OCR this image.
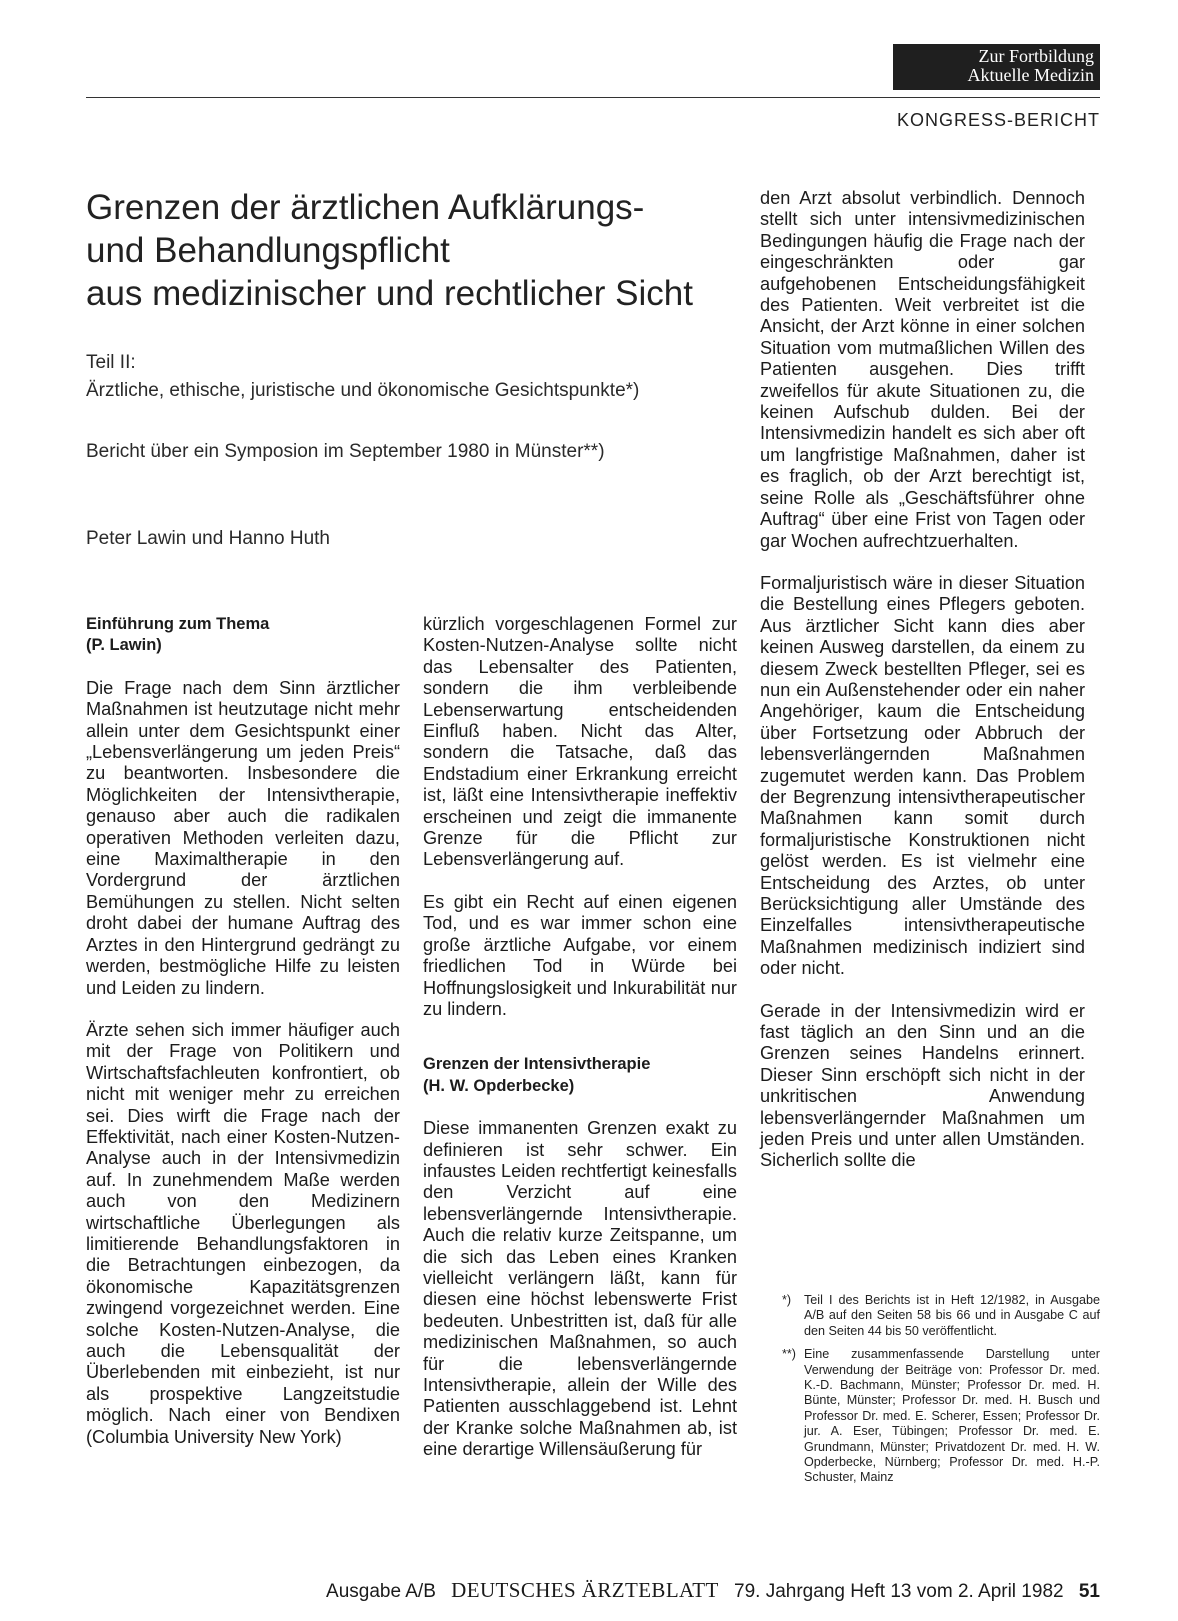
Zur Fortbildung
Aktuelle Medizin
KONGRESS-BERICHT
Grenzen der ärztlichen Aufklärungs-
und Behandlungspflicht
aus medizinischer und rechtlicher Sicht
Teil II:
Ärztliche, ethische, juristische und ökonomische Gesichtspunkte*)
Bericht über ein Symposion im September 1980 in Münster**)
Peter Lawin und Hanno Huth
Einführung zum Thema
(P. Lawin)

Die Frage nach dem Sinn ärztlicher Maßnahmen ist heutzutage nicht mehr allein unter dem Gesichtspunkt einer „Lebensverlängerung um jeden Preis“ zu beantworten. Insbesondere die Möglichkeiten der Intensivtherapie, genauso aber auch die radikalen operativen Methoden verleiten dazu, eine Maximaltherapie in den Vordergrund der ärztlichen Bemühungen zu stellen. Nicht selten droht dabei der humane Auftrag des Arztes in den Hintergrund gedrängt zu werden, bestmögliche Hilfe zu leisten und Leiden zu lindern.

Ärzte sehen sich immer häufiger auch mit der Frage von Politikern und Wirtschaftsfachleuten konfrontiert, ob nicht mit weniger mehr zu erreichen sei. Dies wirft die Frage nach der Effektivität, nach einer Kosten-Nutzen-Analyse auch in der Intensivmedizin auf. In zunehmendem Maße werden auch von den Medizinern wirtschaftliche Überlegungen als limitierende Behandlungsfaktoren in die Betrachtungen einbezogen, da ökonomische Kapazitätsgrenzen zwingend vorgezeichnet werden. Eine solche Kosten-Nutzen-Analyse, die auch die Lebensqualität der Überlebenden mit einbezieht, ist nur als prospektive Langzeitstudie möglich. Nach einer von Bendixen (Columbia University New York)

kürzlich vorgeschlagenen Formel zur Kosten-Nutzen-Analyse sollte nicht das Lebensalter des Patienten, sondern die ihm verbleibende Lebenserwartung entscheidenden Einfluß haben. Nicht das Alter, sondern die Tatsache, daß das Endstadium einer Erkrankung erreicht ist, läßt eine Intensivtherapie ineffektiv erscheinen und zeigt die immanente Grenze für die Pflicht zur Lebensverlängerung auf.

Es gibt ein Recht auf einen eigenen Tod, und es war immer schon eine große ärztliche Aufgabe, vor einem friedlichen Tod in Würde bei Hoffnungslosigkeit und Inkurabilität nur zu lindern.

Grenzen der Intensivtherapie
(H. W. Opderbecke)

Diese immanenten Grenzen exakt zu definieren ist sehr schwer. Ein infaustes Leiden rechtfertigt keinesfalls den Verzicht auf eine lebensverlängernde Intensivtherapie. Auch die relativ kurze Zeitspanne, um die sich das Leben eines Kranken vielleicht verlängern läßt, kann für diesen eine höchst lebenswerte Frist bedeuten. Unbestritten ist, daß für alle medizinischen Maßnahmen, so auch für die lebensverlängernde Intensivtherapie, allein der Wille des Patienten ausschlaggebend ist. Lehnt der Kranke solche Maßnahmen ab, ist eine derartige Willensäußerung für

den Arzt absolut verbindlich. Dennoch stellt sich unter intensivmedizinischen Bedingungen häufig die Frage nach der eingeschränkten oder gar aufgehobenen Entscheidungsfähigkeit des Patienten. Weit verbreitet ist die Ansicht, der Arzt könne in einer solchen Situation vom mutmaßlichen Willen des Patienten ausgehen. Dies trifft zweifellos für akute Situationen zu, die keinen Aufschub dulden. Bei der Intensivmedizin handelt es sich aber oft um langfristige Maßnahmen, daher ist es fraglich, ob der Arzt berechtigt ist, seine Rolle als „Geschäftsführer ohne Auftrag“ über eine Frist von Tagen oder gar Wochen aufrechtzuerhalten.

Formaljuristisch wäre in dieser Situation die Bestellung eines Pflegers geboten. Aus ärztlicher Sicht kann dies aber keinen Ausweg darstellen, da einem zu diesem Zweck bestellten Pfleger, sei es nun ein Außenstehender oder ein naher Angehöriger, kaum die Entscheidung über Fortsetzung oder Abbruch der lebensverlängernden Maßnahmen zugemutet werden kann. Das Problem der Begrenzung intensivtherapeutischer Maßnahmen kann somit durch formaljuristische Konstruktionen nicht gelöst werden. Es ist vielmehr eine Entscheidung des Arztes, ob unter Berücksichtigung aller Umstände des Einzelfalles intensivtherapeutische Maßnahmen medizinisch indiziert sind oder nicht.

Gerade in der Intensivmedizin wird er fast täglich an den Sinn und an die Grenzen seines Handelns erinnert. Dieser Sinn erschöpft sich nicht in der unkritischen Anwendung lebensverlängernder Maßnahmen um jeden Preis und unter allen Umständen. Sicherlich sollte die

*)	Teil I des Berichts ist in Heft 12/1982, in Ausgabe A/B auf den Seiten 58 bis 66 und in Ausgabe C auf den Seiten 44 bis 50 veröffentlicht.
**) Eine zusammenfassende Darstellung unter Verwendung der Beiträge von: Professor Dr. med. K.-D. Bachmann, Münster; Professor Dr. med. H. Bünte, Münster; Professor Dr. med. H. Busch und Professor Dr. med. E. Scherer, Essen; Professor Dr. jur. A. Eser, Tübingen; Professor Dr. med. E. Grundmann, Münster; Privatdozent Dr. med. H. W. Opderbecke, Nürnberg; Professor Dr. med. H.-P. Schuster, Mainz
Ausgabe A/B DEUTSCHES ÄRZTEBLATT 79. Jahrgang Heft 13 vom 2. April 1982 51
